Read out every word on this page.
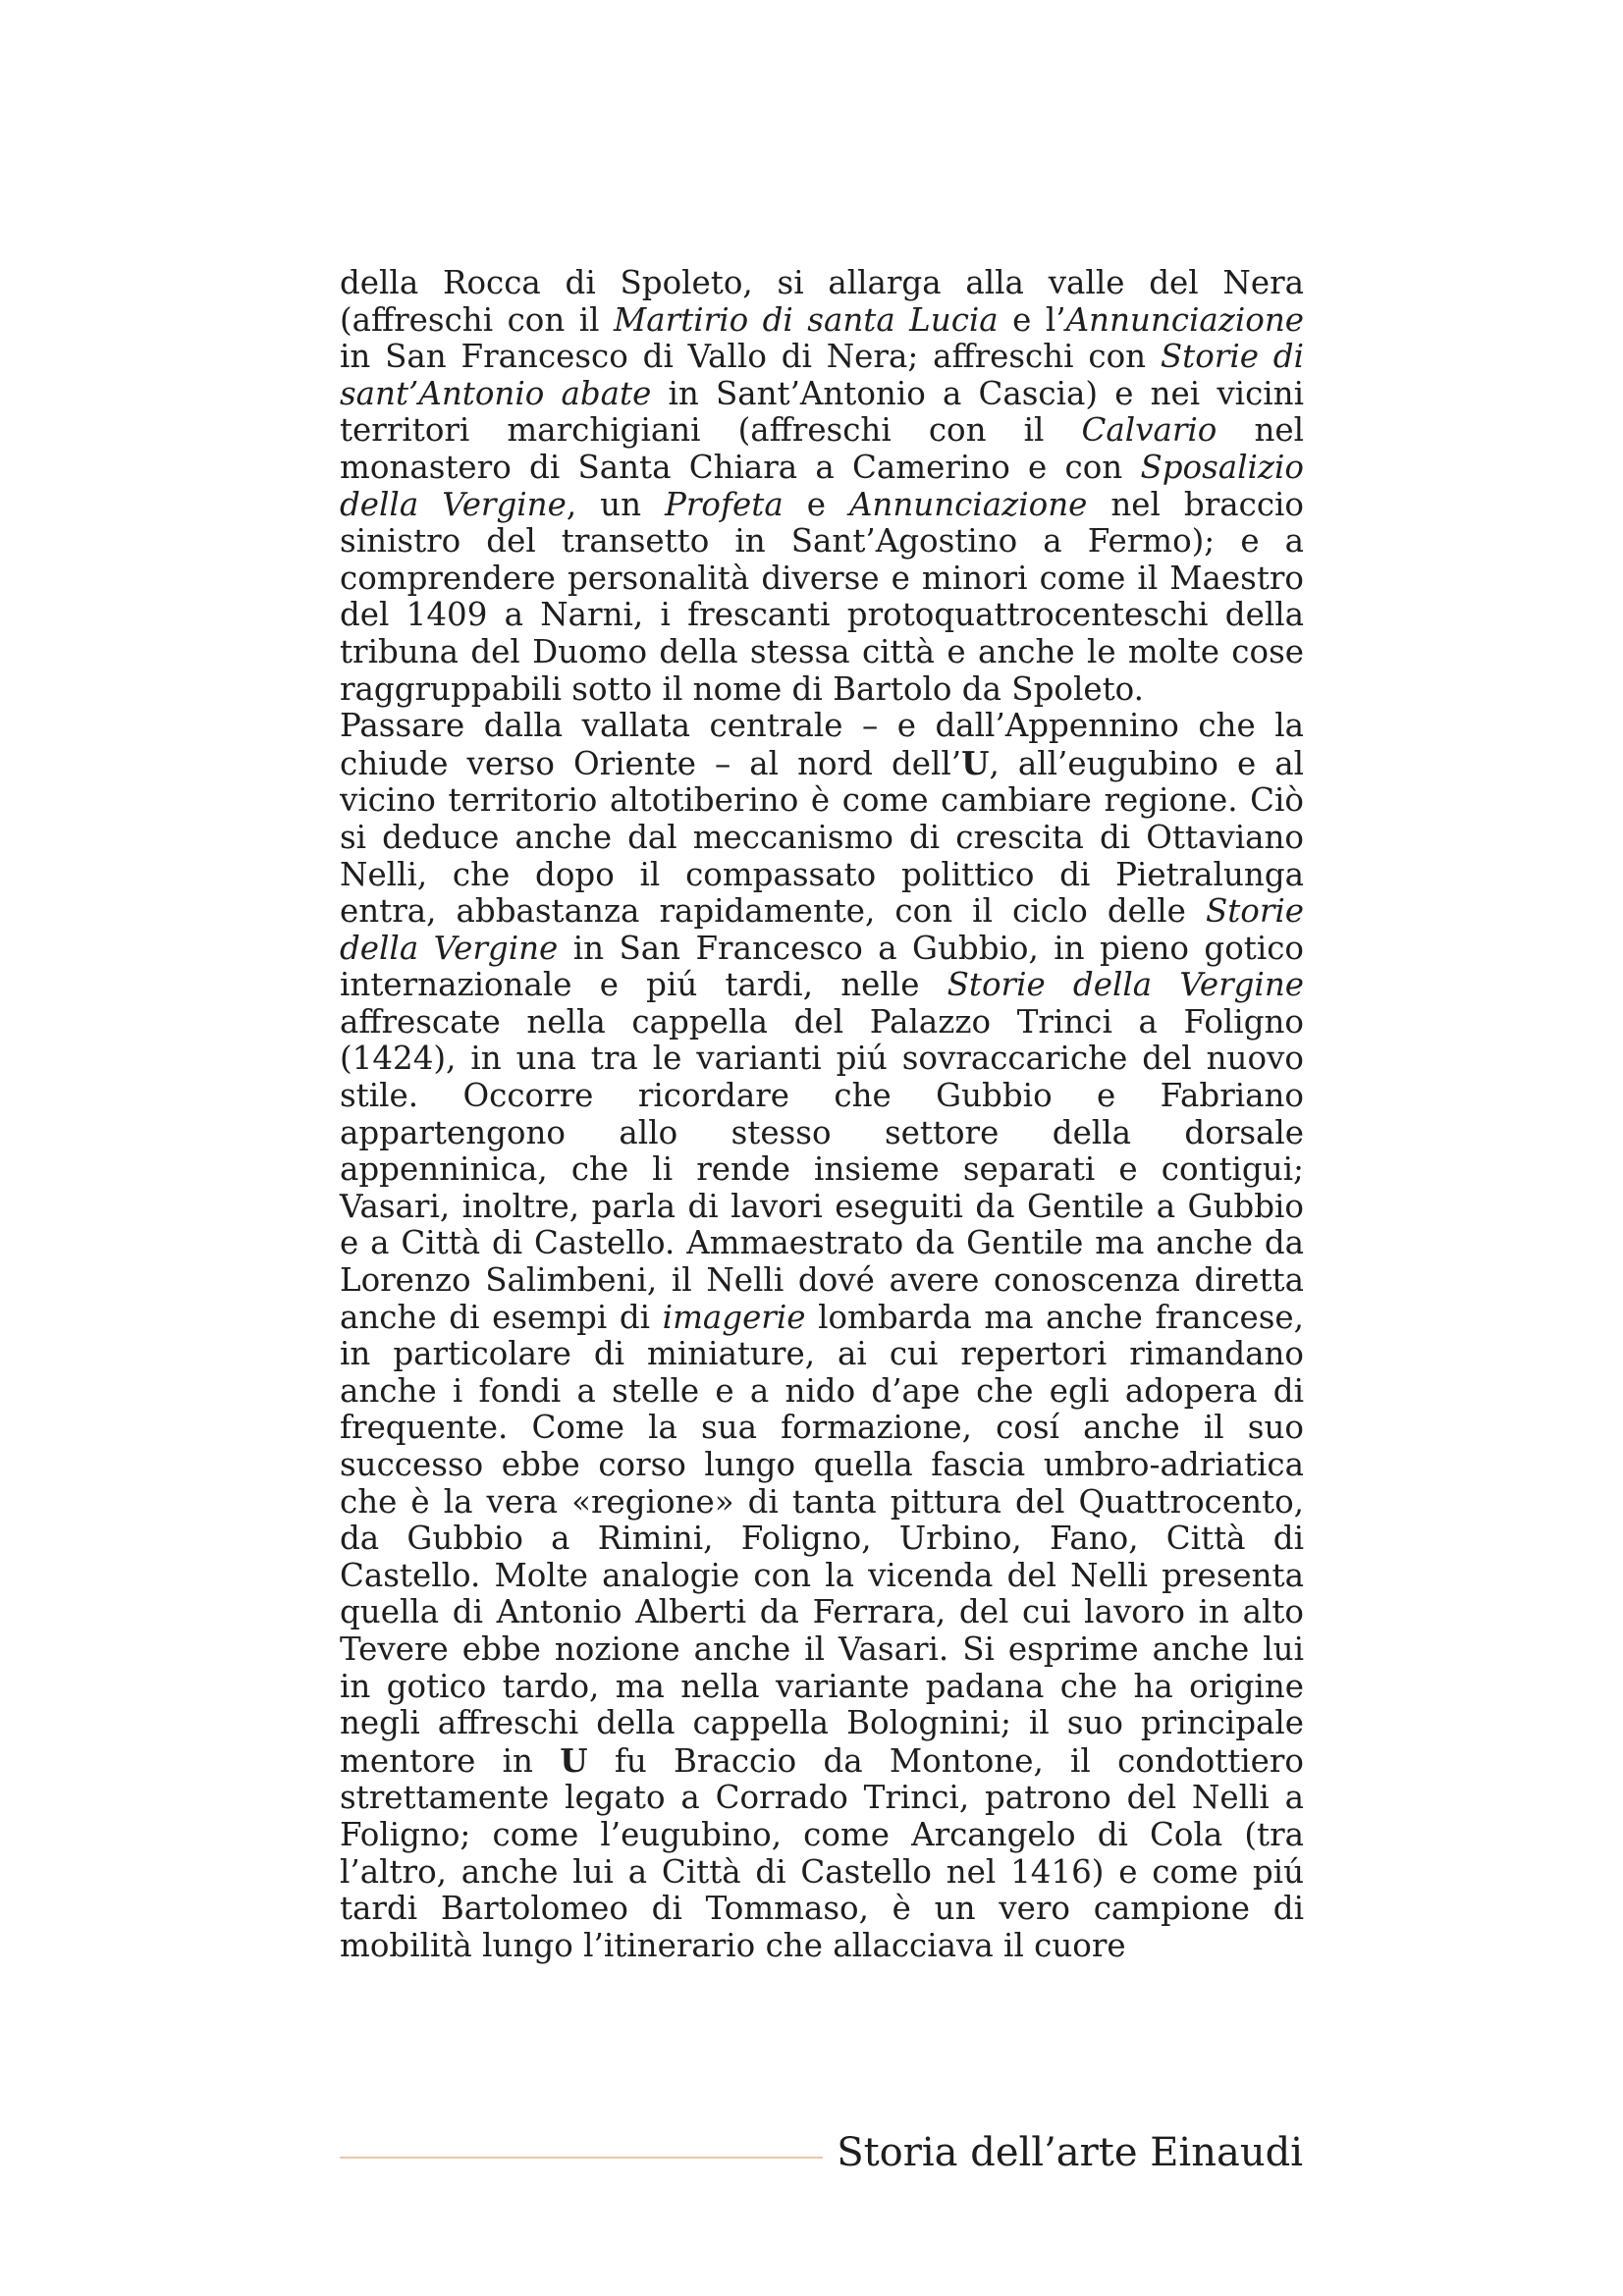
della Rocca di Spoleto, si allarga alla valle del Nera (affreschi con il Martirio di santa Lucia e l’Annunciazione in San Francesco di Vallo di Nera; affreschi con Storie di sant’Antonio abate in Sant’Antonio a Cascia) e nei vicini territori marchigiani (affreschi con il Calvario nel monastero di Santa Chiara a Camerino e con Sposalizio della Vergine, un Profeta e Annunciazione nel braccio sinistro del transetto in Sant’Agostino a Fermo); e a comprendere personalità diverse e minori come il Maestro del 1409 a Narni, i frescanti protoquattrocenteschi della tribuna del Duomo della stessa città e anche le molte cose raggruppabili sotto il nome di Bartolo da Spoleto.

Passare dalla vallata centrale – e dall’Appennino che la chiude verso Oriente – al nord dell’U, all’eugubino e al vicino territorio altotiberino è come cambiare regione. Ciò si deduce anche dal meccanismo di crescita di Ottaviano Nelli, che dopo il compassato polittico di Pietralunga entra, abbastanza rapidamente, con il ciclo delle Storie della Vergine in San Francesco a Gubbio, in pieno gotico internazionale e piú tardi, nelle Storie della Vergine affrescate nella cappella del Palazzo Trinci a Foligno (1424), in una tra le varianti piú sovraccariche del nuovo stile. Occorre ricordare che Gubbio e Fabriano appartengono allo stesso settore della dorsale appenninica, che li rende insieme separati e contigui; Vasari, inoltre, parla di lavori eseguiti da Gentile a Gubbio e a Città di Castello. Ammaestrato da Gentile ma anche da Lorenzo Salimbeni, il Nelli dové avere conoscenza diretta anche di esempi di imagerie lombarda ma anche francese, in particolare di miniature, ai cui repertori rimandano anche i fondi a stelle e a nido d’ape che egli adopera di frequente. Come la sua formazione, cosí anche il suo successo ebbe corso lungo quella fascia umbro-adriatica che è la vera «regione» di tanta pittura del Quattrocento, da Gubbio a Rimini, Foligno, Urbino, Fano, Città di Castello. Molte analogie con la vicenda del Nelli presenta quella di Antonio Alberti da Ferrara, del cui lavoro in alto Tevere ebbe nozione anche il Vasari. Si esprime anche lui in gotico tardo, ma nella variante padana che ha origine negli affreschi della cappella Bolognini; il suo principale mentore in U fu Braccio da Montone, il condottiero strettamente legato a Corrado Trinci, patrono del Nelli a Foligno; come l’eugubino, come Arcangelo di Cola (tra l’altro, anche lui a Città di Castello nel 1416) e come piú tardi Bartolomeo di Tommaso, è un vero campione di mobilità lungo l’itinerario che allacciava il cuore

Storia dell’arte Einaudi
